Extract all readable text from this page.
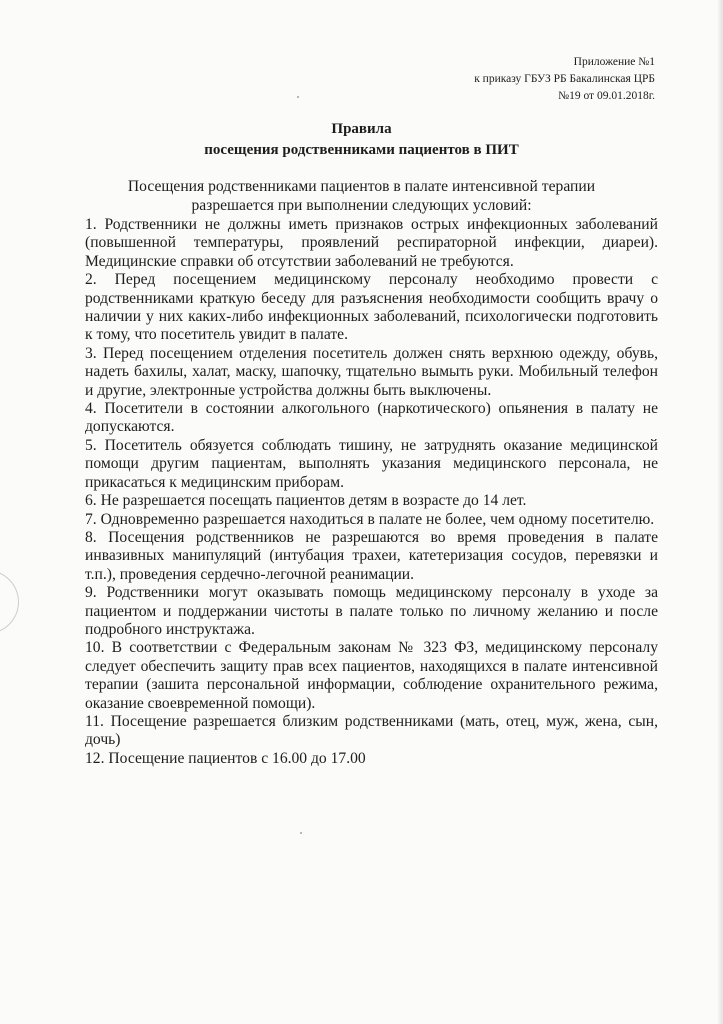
Приложение №1
к приказу ГБУЗ РБ Бакалинская ЦРБ
№19 от 09.01.2018г.
Правила
посещения родственниками пациентов в ПИТ
Посещения родственниками пациентов в палате интенсивной терапии
разрешается при выполнении следующих условий:

1. Родственники не должны иметь признаков острых инфекционных заболеваний (повышенной температуры, проявлений респираторной инфекции, диареи). Медицинские справки об отсутствии заболеваний не требуются.

2. Перед посещением медицинскому персоналу необходимо провести с родственниками краткую беседу для разъяснения необходимости сообщить врачу о наличии у них каких-либо инфекционных заболеваний, психологически подготовить к тому, что посетитель увидит в палате.

3. Перед посещением отделения посетитель должен снять верхнюю одежду, обувь, надеть бахилы, халат, маску, шапочку, тщательно вымыть руки. Мобильный телефон и другие, электронные устройства должны быть выключены.

4. Посетители в состоянии алкогольного (наркотического) опьянения в палату не допускаются.

5. Посетитель обязуется соблюдать тишину, не затруднять оказание медицинской помощи другим пациентам, выполнять указания медицинского персонала, не прикасаться к медицинским приборам.

6. Не разрешается посещать пациентов детям в возрасте до 14 лет.

7. Одновременно разрешается находиться в палате не более, чем одному посетителю.

8. Посещения родственников не разрешаются во время проведения в палате инвазивных манипуляций (интубация трахеи, катетеризация сосудов, перевязки и т.п.), проведения сердечно-легочной реанимации.

9. Родственники могут оказывать помощь медицинскому персоналу в уходе за пациентом и поддержании чистоты в палате только по личному желанию и после подробного инструктажа.

10. В соответствии с Федеральным законам № 323 ФЗ, медицинскому персоналу следует обеспечить защиту прав всех пациентов, находящихся в палате интенсивной терапии (зашита персональной информации, соблюдение охранительного режима, оказание своевременной помощи).

11. Посещение разрешается близким родственниками (мать, отец, муж, жена, сын, дочь)

12. Посещение пациентов с 16.00 до 17.00
